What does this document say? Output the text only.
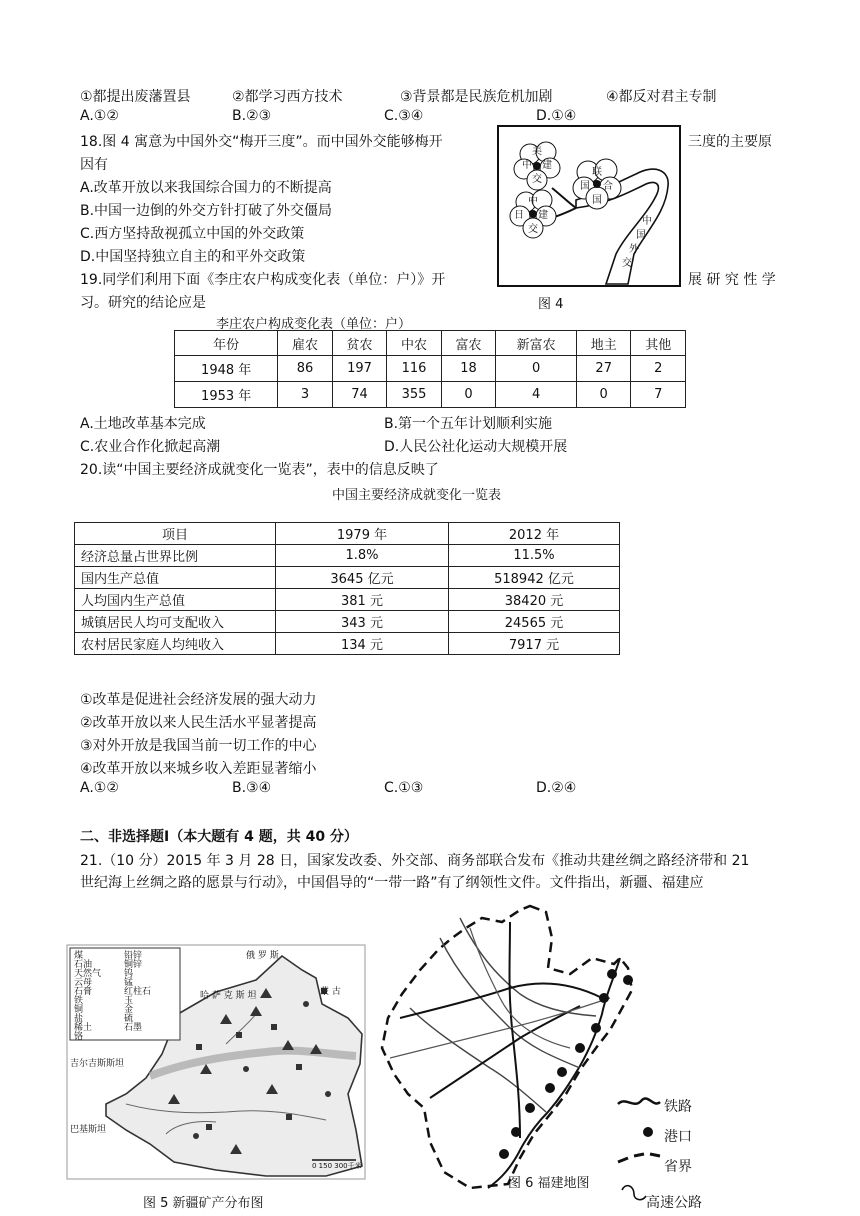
①都提出废藩置县	②都学习西方技术	③背景都是民族危机加剧	④都反对君主专制
A.①②	B.②③	C.③④	D.①④
18.图 4 寓意为中国外交“梅开三度”。而中国外交能够梅开	三度的主要原
因有
A.改革开放以来我国综合国力的不断提高
B.中国一边倒的外交方针打破了外交僵局
C.西方坚持敌视孤立中国的外交政策
D.中国坚持独立自主的和平外交政策
美
中 建
交
联
国 合
国
中
日 建
交
中
国
外
交
图 4
19.同学们利用下面《李庄农户构成变化表（单位：户）》开	展 研 究 性 学
习。研究的结论应是
李庄农户构成变化表（单位：户）
年份	雇农	贫农	中农	富农	新富农	地主	其他
1948 年	86	197	116	18	0	27	2
1953 年	3	74	355	0	4	0	7
A.土地改革基本完成	B.第一个五年计划顺利实施
C.农业合作化掀起高潮	D.人民公社化运动大规模开展
20.读“中国主要经济成就变化一览表”，表中的信息反映了
中国主要经济成就变化一览表
项目	1979 年	2012 年
经济总量占世界比例	1.8%	11.5%
国内生产总值	3645 亿元	518942 亿元
人均国内生产总值	381 元	38420 元
城镇居民人均可支配收入	343 元	24565 元
农村居民家庭人均纯收入	134 元	7917 元
①改革是促进社会经济发展的强大动力
②改革开放以来人民生活水平显著提高
③对外开放是我国当前一切工作的中心
④改革开放以来城乡收入差距显著缩小
A.①②	B.③④	C.①③	D.②④
二、非选择题Ⅰ（本大题有 4 题，共 40 分）
21.（10 分）2015 年 3 月 28 日，国家发改委、外交部、商务部联合发布《推动共建丝绸之路经济带和 21
世纪海上丝绸之路的愿景与行动》，中国倡导的“一带一路”有了纲领性文件。文件指出，新疆、福建应
煤
石油
天然气
云母
石膏
铁
铜
盐
稀土
铬
铅锌
铜锌
钨
锰
红柱石
玉
金
硫
石墨
俄 罗 斯
哈 萨 克 斯 坦	蒙 古
吉尔吉斯斯坦
巴基斯坦
0 150 300千米
图 5 新疆矿产分布图
图 6 福建地图
铁路
港口
省界
高速公路
